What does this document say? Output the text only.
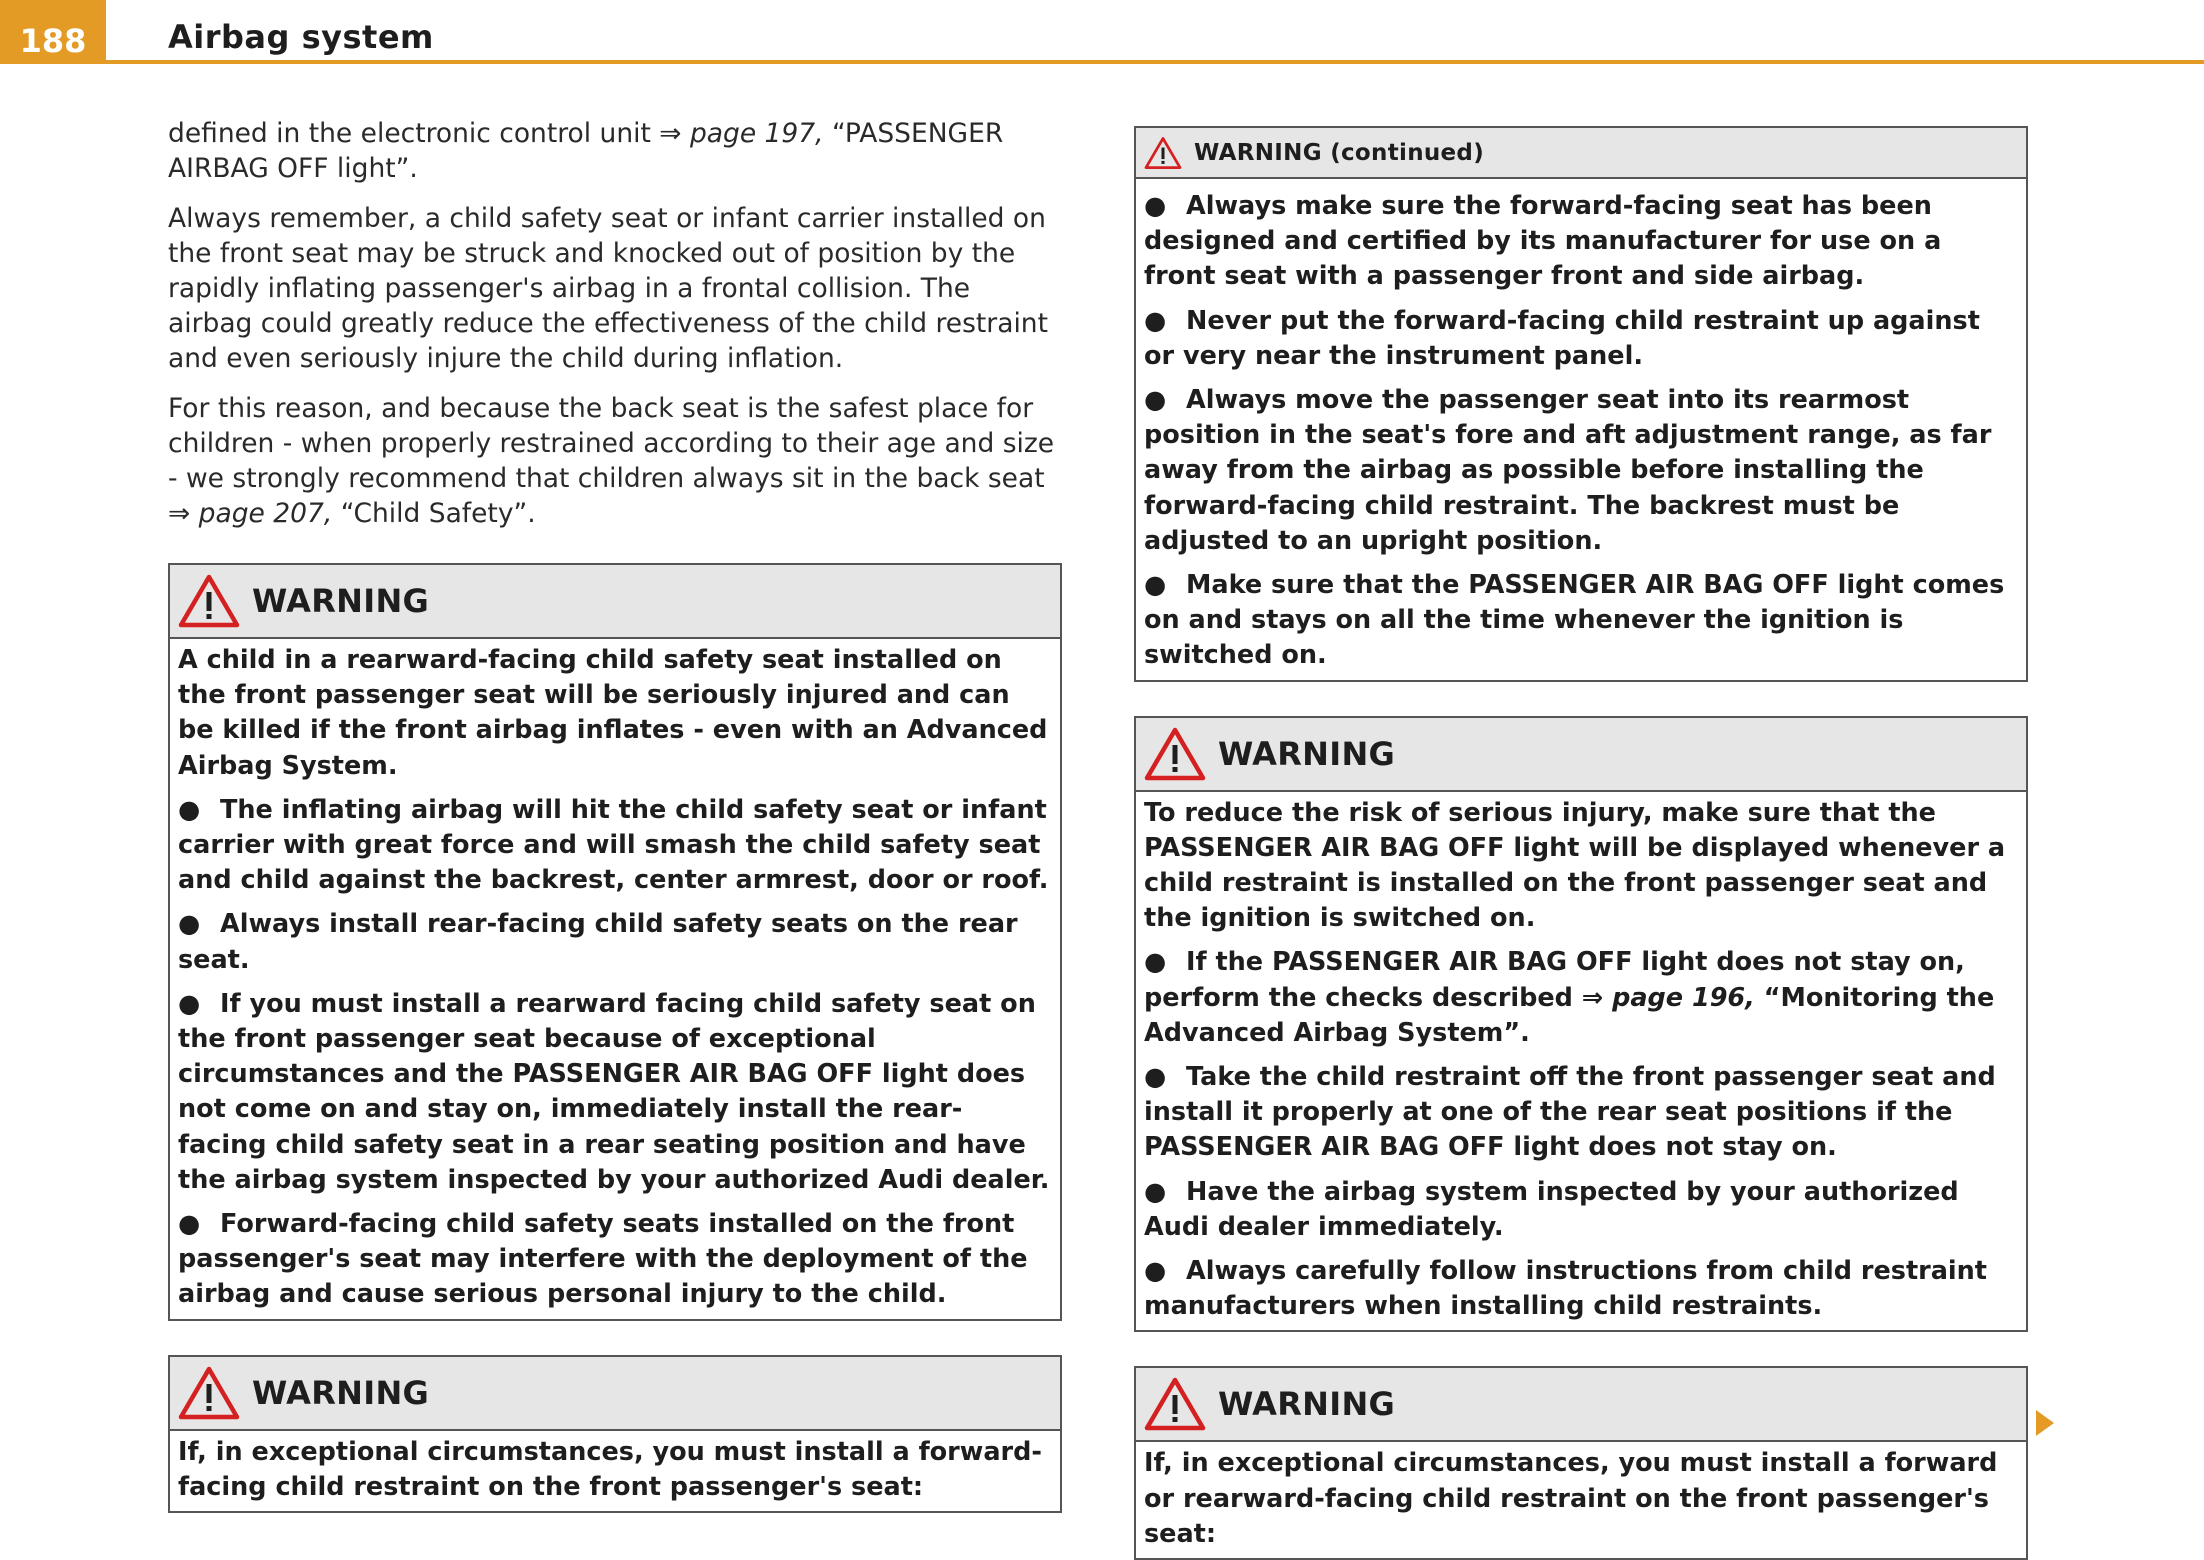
188	Airbag system

defined in the electronic control unit ⇒ page 197, “PASSENGER AIRBAG OFF light”.

Always remember, a child safety seat or infant carrier installed on the front seat may be struck and knocked out of position by the rapidly inflating passenger's airbag in a frontal collision. The airbag could greatly reduce the effectiveness of the child restraint and even seriously injure the child during inflation.

For this reason, and because the back seat is the safest place for children - when properly restrained according to their age and size - we strongly recommend that children always sit in the back seat ⇒ page 207, “Child Safety”.

WARNING

A child in a rearward-facing child safety seat installed on the front passenger seat will be seriously injured and can be killed if the front airbag inflates - even with an Advanced Airbag System.

● The inflating airbag will hit the child safety seat or infant carrier with great force and will smash the child safety seat and child against the backrest, center armrest, door or roof.

● Always install rear-facing child safety seats on the rear seat.

● If you must install a rearward facing child safety seat on the front passenger seat because of exceptional circumstances and the PASSENGER AIR BAG OFF light does not come on and stay on, immediately install the rear-facing child safety seat in a rear seating position and have the airbag system inspected by your authorized Audi dealer.

● Forward-facing child safety seats installed on the front passenger's seat may interfere with the deployment of the airbag and cause serious personal injury to the child.

WARNING

If, in exceptional circumstances, you must install a forward-facing child restraint on the front passenger's seat:

WARNING (continued)

● Always make sure the forward-facing seat has been designed and certified by its manufacturer for use on a front seat with a passenger front and side airbag.

● Never put the forward-facing child restraint up against or very near the instrument panel.

● Always move the passenger seat into its rearmost position in the seat's fore and aft adjustment range, as far away from the airbag as possible before installing the forward-facing child restraint. The backrest must be adjusted to an upright position.

● Make sure that the PASSENGER AIR BAG OFF light comes on and stays on all the time whenever the ignition is switched on.

WARNING

To reduce the risk of serious injury, make sure that the PASSENGER AIR BAG OFF light will be displayed whenever a child restraint is installed on the front passenger seat and the ignition is switched on.

● If the PASSENGER AIR BAG OFF light does not stay on, perform the checks described ⇒ page 196, “Monitoring the Advanced Airbag System”.

● Take the child restraint off the front passenger seat and install it properly at one of the rear seat positions if the PASSENGER AIR BAG OFF light does not stay on.

● Have the airbag system inspected by your authorized Audi dealer immediately.

● Always carefully follow instructions from child restraint manufacturers when installing child restraints.

WARNING

If, in exceptional circumstances, you must install a forward or rearward-facing child restraint on the front passenger's seat:
